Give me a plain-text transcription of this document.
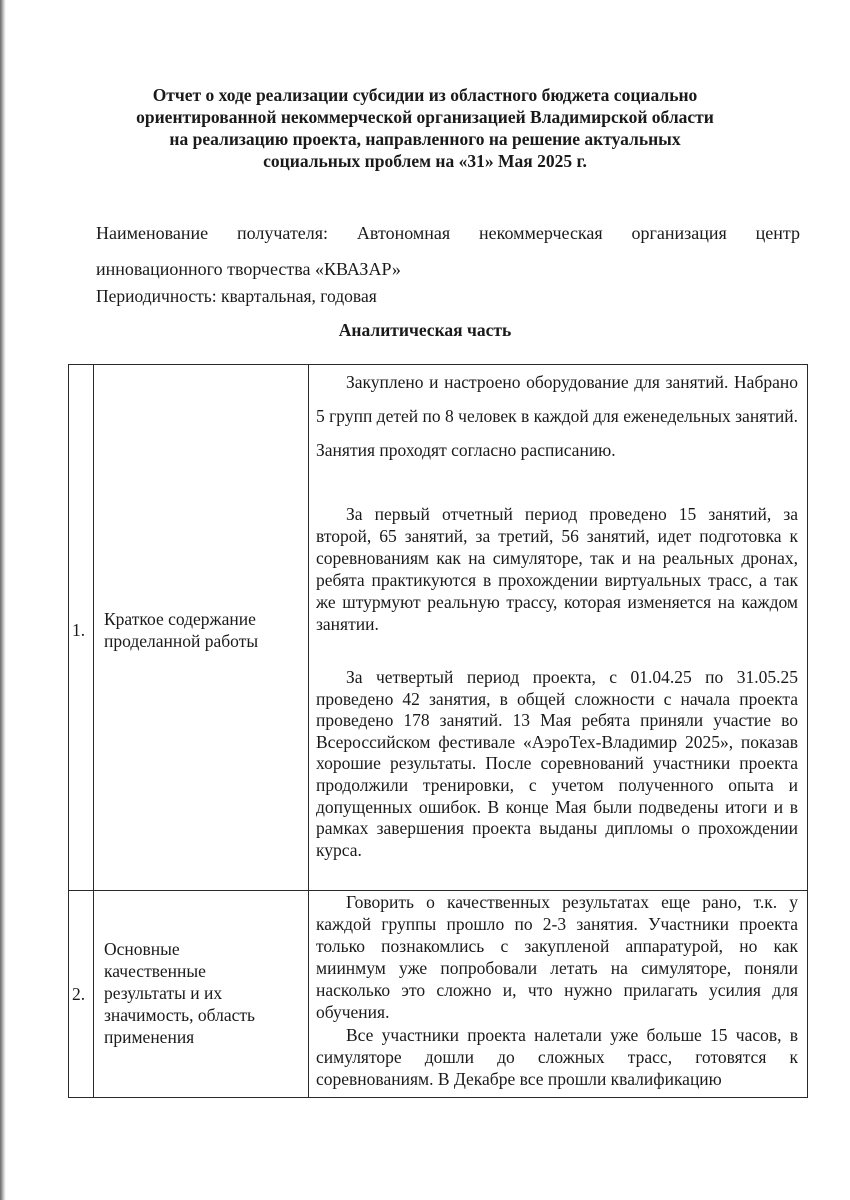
Отчет о ходе реализации субсидии из областного бюджета социально
ориентированной некоммерческой организацией Владимирской области
на реализацию проекта, направленного на решение актуальных
социальных проблем на «31» Мая 2025 г.
Наименование получателя: Автономная некоммерческая организация центр
инновационного творчества «КВАЗАР»
Периодичность: квартальная, годовая
Аналитическая часть
1.
Краткое содержание
проделанной работы
Закуплено и настроено оборудование для занятий. Набрано 5 групп детей по 8 человек в каждой для еженедельных занятий. Занятия проходят согласно расписанию.
За первый отчетный период проведено 15 занятий, за второй, 65 занятий, за третий, 56 занятий, идет подготовка к соревнованиям как на симуляторе, так и на реальных дронах, ребята практикуются в прохождении виртуальных трасс, а так же штурмуют реальную трассу, которая изменяется на каждом занятии.
За четвертый период проекта, с 01.04.25 по 31.05.25 проведено 42 занятия, в общей сложности с начала проекта проведено 178 занятий. 13 Мая ребята приняли участие во Всероссийском фестивале «АэроТех-Владимир 2025», показав хорошие результаты. После соревнований участники проекта продолжили тренировки, с учетом полученного опыта и допущенных ошибок. В конце Мая были подведены итоги и в рамках завершения проекта выданы дипломы о прохождении курса.
2.
Основные
качественные
результаты и их
значимость, область
применения
Говорить о качественных результатах еще рано, т.к. у каждой группы прошло по 2-3 занятия. Участники проекта только познакомлись с закупленой аппаратурой, но как миинмум уже попробовали летать на симуляторе, поняли насколько это сложно и, что нужно прилагать усилия для обучения.
Все участники проекта налетали уже больше 15 часов, в симуляторе дошли до сложных трасс, готовятся к соревнованиям. В Декабре все прошли квалификацию
